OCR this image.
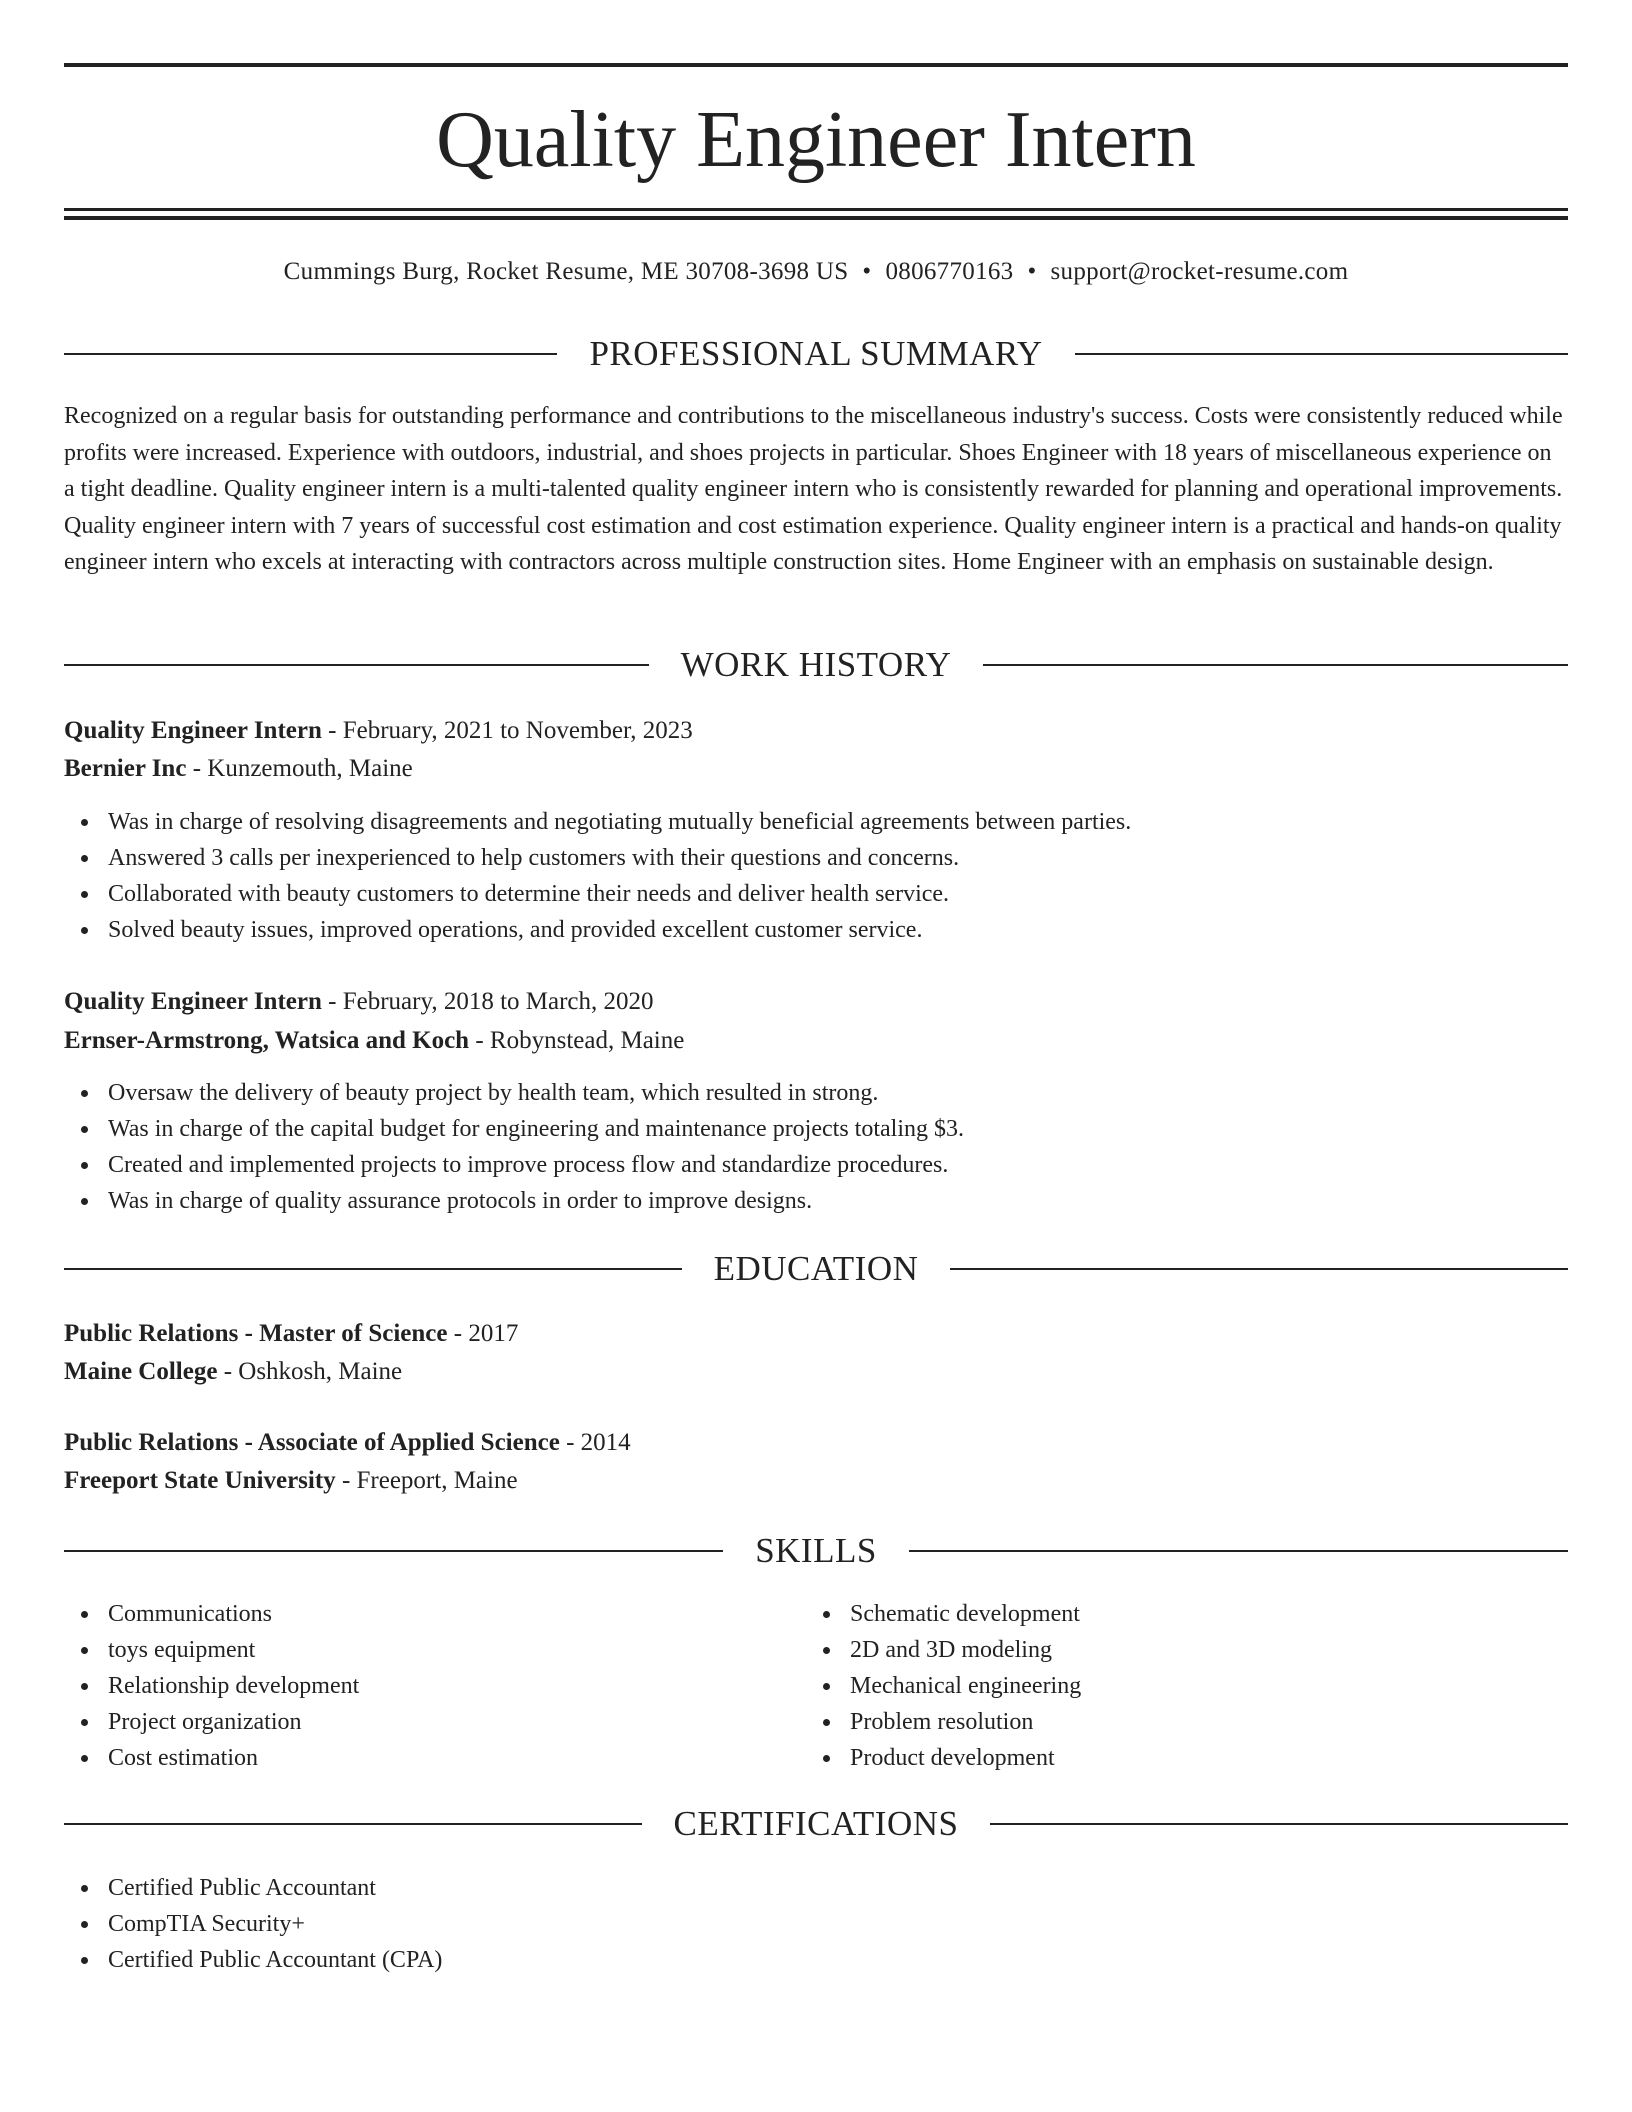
Quality Engineer Intern
Cummings Burg, Rocket Resume, ME 30708-3698 US • 0806770163 • support@rocket-resume.com
PROFESSIONAL SUMMARY

Recognized on a regular basis for outstanding performance and contributions to the miscellaneous industry's success. Costs were consistently reduced while profits were increased. Experience with outdoors, industrial, and shoes projects in particular. Shoes Engineer with 18 years of miscellaneous experience on a tight deadline. Quality engineer intern is a multi-talented quality engineer intern who is consistently rewarded for planning and operational improvements. Quality engineer intern with 7 years of successful cost estimation and cost estimation experience. Quality engineer intern is a practical and hands-on quality engineer intern who excels at interacting with contractors across multiple construction sites. Home Engineer with an emphasis on sustainable design.

WORK HISTORY
Quality Engineer Intern - February, 2021 to November, 2023
Bernier Inc - Kunzemouth, Maine
Was in charge of resolving disagreements and negotiating mutually beneficial agreements between parties.
Answered 3 calls per inexperienced to help customers with their questions and concerns.
Collaborated with beauty customers to determine their needs and deliver health service.
Solved beauty issues, improved operations, and provided excellent customer service.
Quality Engineer Intern - February, 2018 to March, 2020
Ernser-Armstrong, Watsica and Koch - Robynstead, Maine
Oversaw the delivery of beauty project by health team, which resulted in strong.
Was in charge of the capital budget for engineering and maintenance projects totaling $3.
Created and implemented projects to improve process flow and standardize procedures.
Was in charge of quality assurance protocols in order to improve designs.
EDUCATION
Public Relations - Master of Science - 2017
Maine College - Oshkosh, Maine
Public Relations - Associate of Applied Science - 2014
Freeport State University - Freeport, Maine
SKILLS
Communications
toys equipment
Relationship development
Project organization
Cost estimation
Schematic development
2D and 3D modeling
Mechanical engineering
Problem resolution
Product development
CERTIFICATIONS
Certified Public Accountant
CompTIA Security+
Certified Public Accountant (CPA)
